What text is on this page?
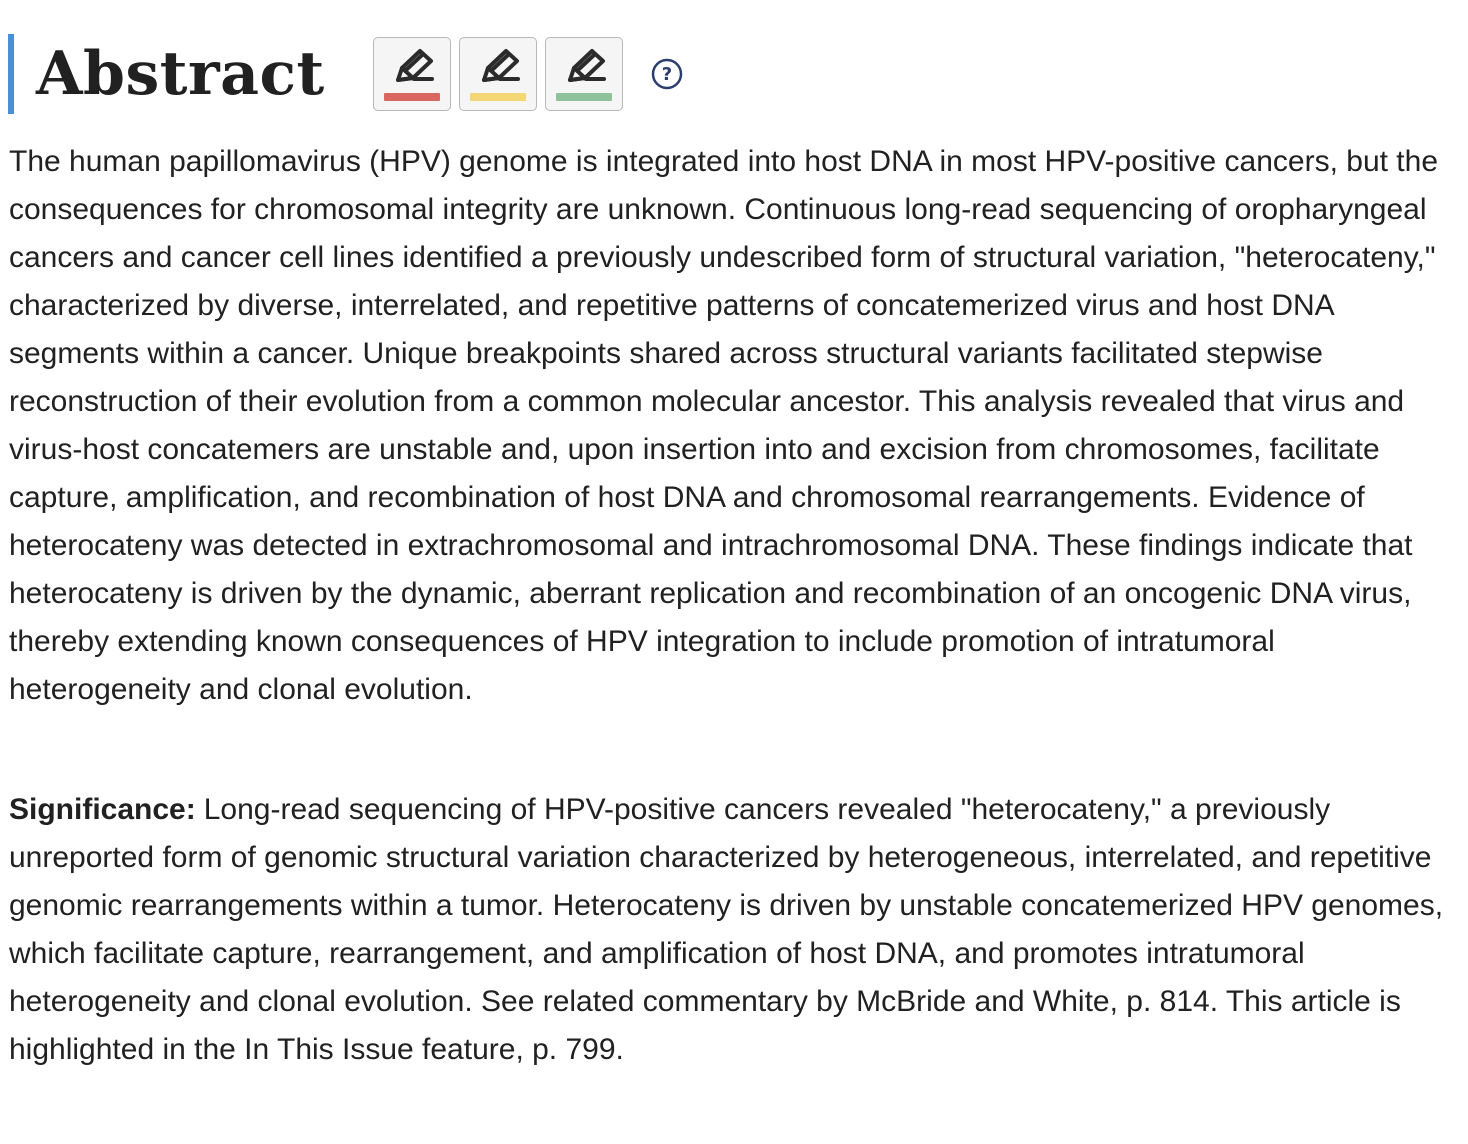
Abstract	?

The human papillomavirus (HPV) genome is integrated into host DNA in most HPV-positive cancers, but the consequences for chromosomal integrity are unknown. Continuous long-read sequencing of oropharyngeal cancers and cancer cell lines identified a previously undescribed form of structural variation, "heterocateny," characterized by diverse, interrelated, and repetitive patterns of concatemerized virus and host DNA segments within a cancer. Unique breakpoints shared across structural variants facilitated stepwise reconstruction of their evolution from a common molecular ancestor. This analysis revealed that virus and virus-host concatemers are unstable and, upon insertion into and excision from chromosomes, facilitate capture, amplification, and recombination of host DNA and chromosomal rearrangements. Evidence of heterocateny was detected in extrachromosomal and intrachromosomal DNA. These findings indicate that heterocateny is driven by the dynamic, aberrant replication and recombination of an oncogenic DNA virus, thereby extending known consequences of HPV integration to include promotion of intratumoral heterogeneity and clonal evolution.

Significance: Long-read sequencing of HPV-positive cancers revealed "heterocateny," a previously unreported form of genomic structural variation characterized by heterogeneous, interrelated, and repetitive genomic rearrangements within a tumor. Heterocateny is driven by unstable concatemerized HPV genomes, which facilitate capture, rearrangement, and amplification of host DNA, and promotes intratumoral heterogeneity and clonal evolution. See related commentary by McBride and White, p. 814. This article is highlighted in the In This Issue feature, p. 799.
